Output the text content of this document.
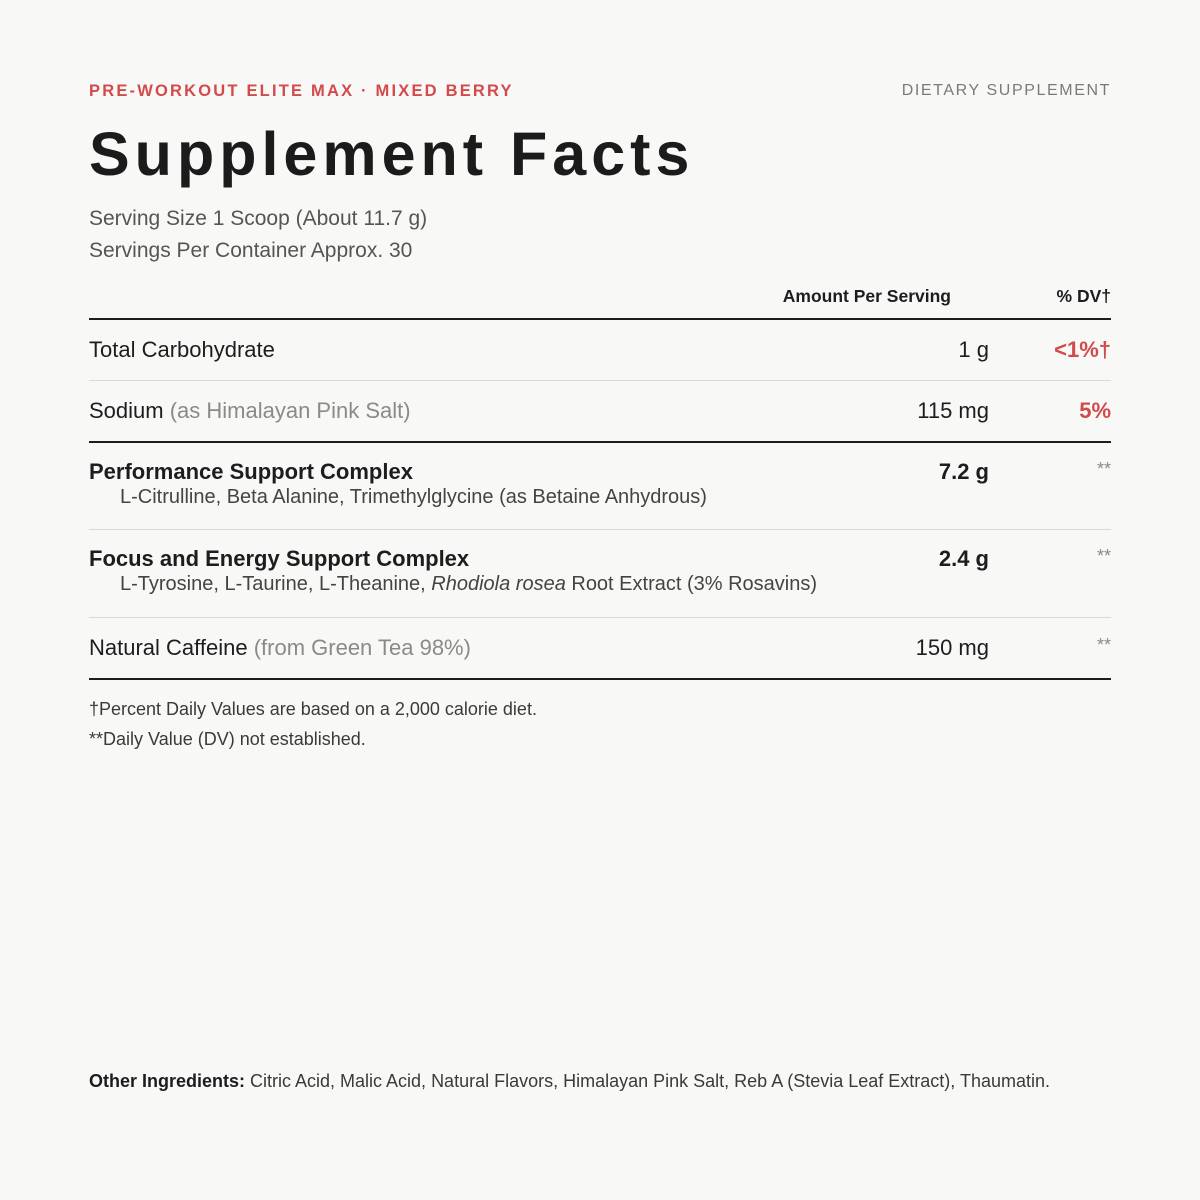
PRE-WORKOUT ELITE MAX · MIXED BERRY	DIETARY SUPPLEMENT
Supplement Facts
Serving Size 1 Scoop (About 11.7 g)
Servings Per Container Approx. 30
Amount Per Serving	% DV†
Total Carbohydrate	1 g	<1%†
Sodium (as Himalayan Pink Salt)	115 mg	5%
Performance Support Complex	7.2 g	**
L-Citrulline, Beta Alanine, Trimethylglycine (as Betaine Anhydrous)
Focus and Energy Support Complex	2.4 g	**
L-Tyrosine, L-Taurine, L-Theanine, Rhodiola rosea Root Extract (3% Rosavins)
Natural Caffeine (from Green Tea 98%)	150 mg	**
†Percent Daily Values are based on a 2,000 calorie diet.
**Daily Value (DV) not established.
Other Ingredients: Citric Acid, Malic Acid, Natural Flavors, Himalayan Pink Salt, Reb A (Stevia Leaf Extract), Thaumatin.
